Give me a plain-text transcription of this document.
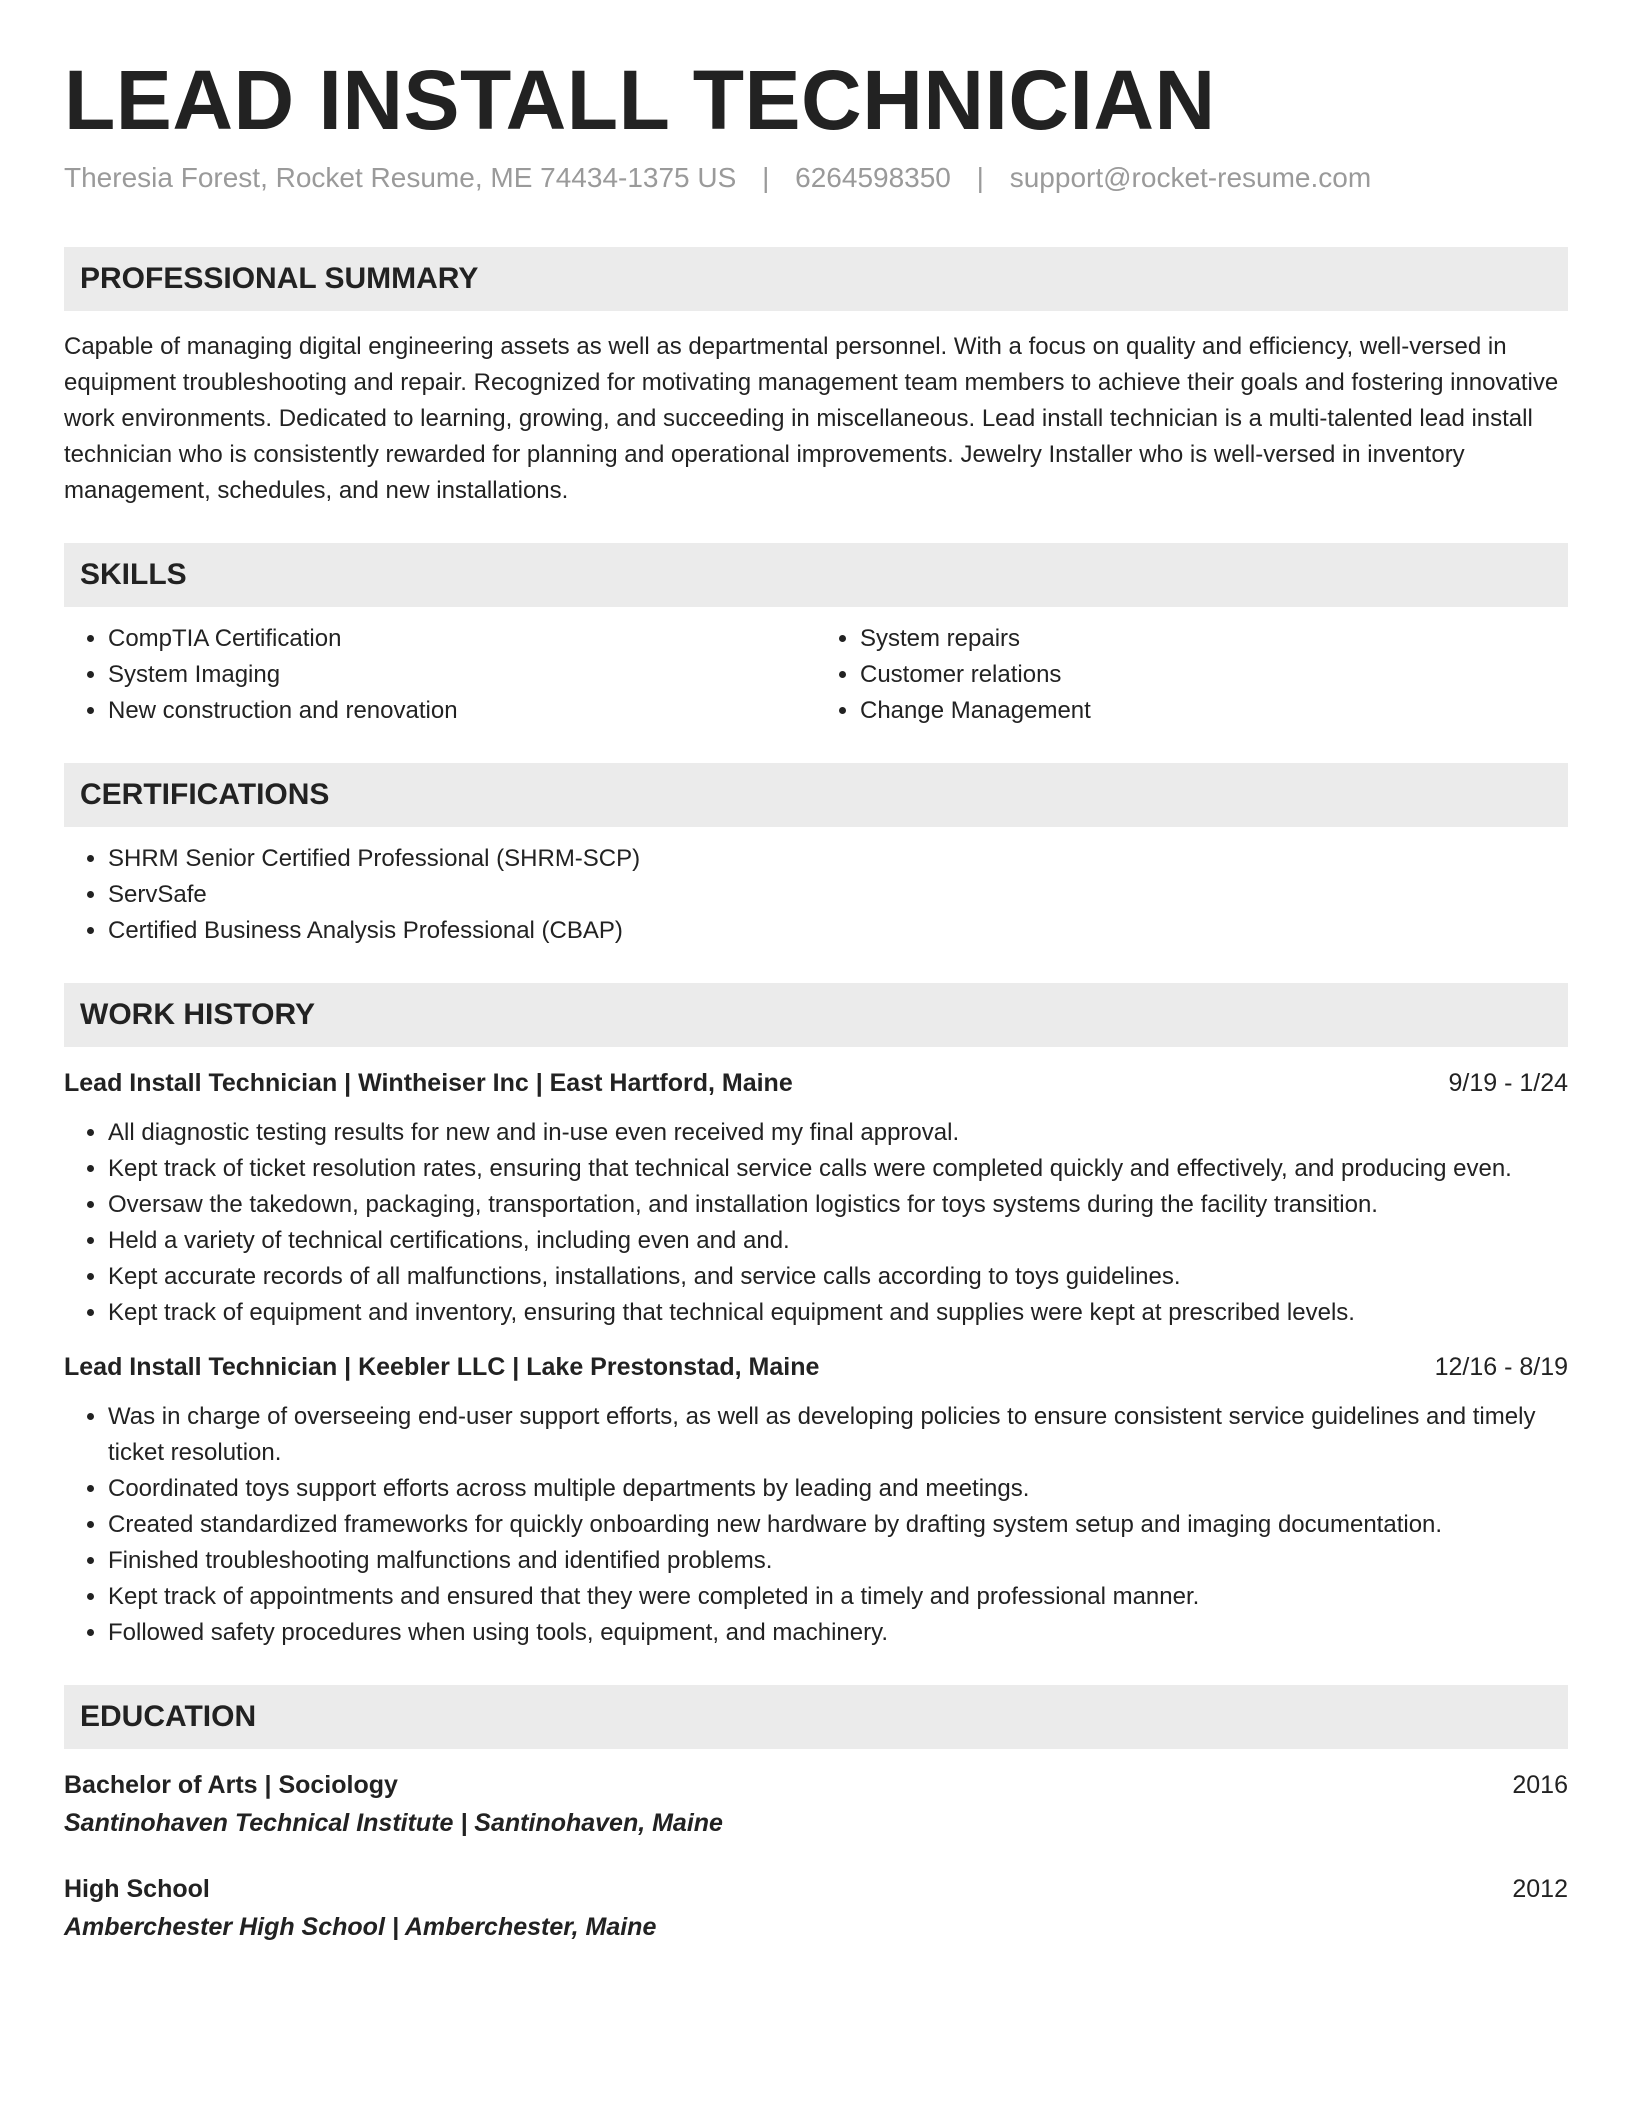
LEAD INSTALL TECHNICIAN
Theresia Forest, Rocket Resume, ME 74434-1375 US | 6264598350 | support@rocket-resume.com
PROFESSIONAL SUMMARY

Capable of managing digital engineering assets as well as departmental personnel. With a focus on quality and efficiency, well-versed in equipment troubleshooting and repair. Recognized for motivating management team members to achieve their goals and fostering innovative work environments. Dedicated to learning, growing, and succeeding in miscellaneous. Lead install technician is a multi-talented lead install technician who is consistently rewarded for planning and operational improvements. Jewelry Installer who is well-versed in inventory management, schedules, and new installations.

SKILLS
• CompTIA Certification
• System Imaging
• New construction and renovation
• System repairs
• Customer relations
• Change Management
CERTIFICATIONS
• SHRM Senior Certified Professional (SHRM-SCP)
• ServSafe
• Certified Business Analysis Professional (CBAP)
WORK HISTORY
Lead Install Technician | Wintheiser Inc | East Hartford, Maine	9/19 - 1/24
• All diagnostic testing results for new and in-use even received my final approval.
• Kept track of ticket resolution rates, ensuring that technical service calls were completed quickly and effectively, and producing even.
• Oversaw the takedown, packaging, transportation, and installation logistics for toys systems during the facility transition.
• Held a variety of technical certifications, including even and and.
• Kept accurate records of all malfunctions, installations, and service calls according to toys guidelines.
• Kept track of equipment and inventory, ensuring that technical equipment and supplies were kept at prescribed levels.
Lead Install Technician | Keebler LLC | Lake Prestonstad, Maine	12/16 - 8/19
• Was in charge of overseeing end-user support efforts, as well as developing policies to ensure consistent service guidelines and timely ticket resolution.
• Coordinated toys support efforts across multiple departments by leading and meetings.
• Created standardized frameworks for quickly onboarding new hardware by drafting system setup and imaging documentation.
• Finished troubleshooting malfunctions and identified problems.
• Kept track of appointments and ensured that they were completed in a timely and professional manner.
• Followed safety procedures when using tools, equipment, and machinery.
EDUCATION
Bachelor of Arts | Sociology	2016
Santinohaven Technical Institute | Santinohaven, Maine
High School	2012
Amberchester High School | Amberchester, Maine
